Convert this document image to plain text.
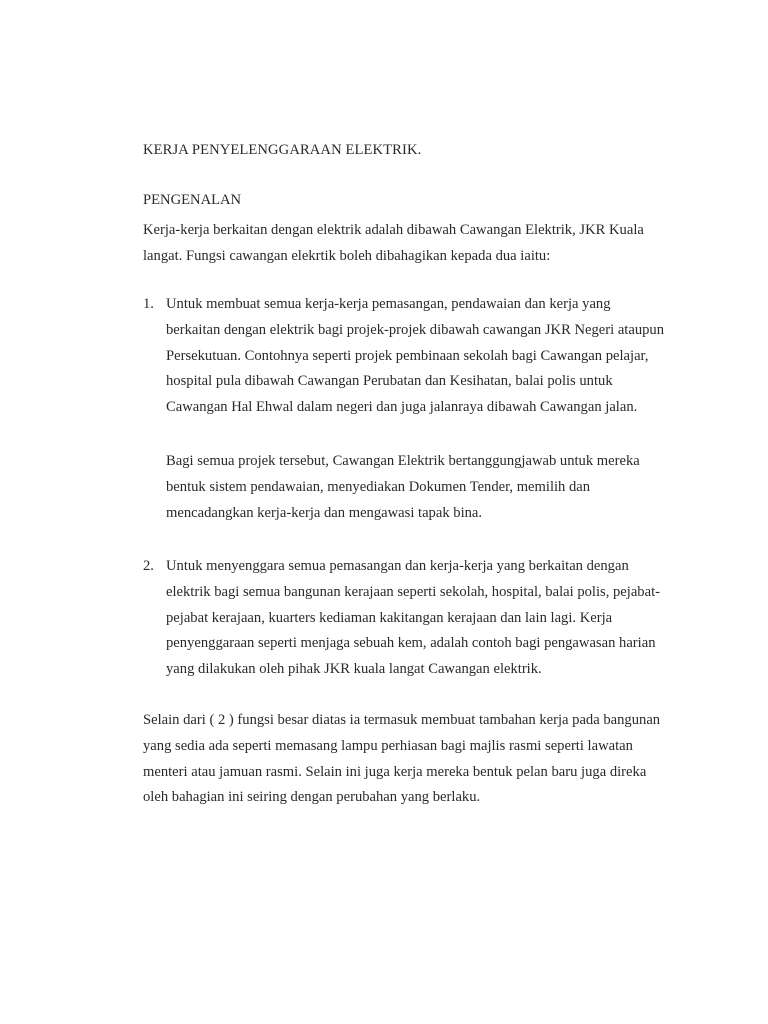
KERJA PENYELENGGARAAN ELEKTRIK.
PENGENALAN

Kerja-kerja berkaitan dengan elektrik adalah dibawah Cawangan Elektrik, JKR Kuala
langat. Fungsi cawangan elekrtik boleh dibahagikan kepada dua iaitu:

1. Untuk membuat semua kerja-kerja pemasangan, pendawaian dan kerja yang
berkaitan dengan elektrik bagi projek-projek dibawah cawangan JKR Negeri ataupun
Persekutuan. Contohnya seperti projek pembinaan sekolah bagi Cawangan pelajar,
hospital pula dibawah Cawangan Perubatan dan Kesihatan, balai polis untuk
Cawangan Hal Ehwal dalam negeri dan juga jalanraya dibawah Cawangan jalan.

Bagi semua projek tersebut, Cawangan Elektrik bertanggungjawab untuk mereka
bentuk sistem pendawaian, menyediakan Dokumen Tender, memilih dan
mencadangkan kerja-kerja dan mengawasi tapak bina.

2. Untuk menyenggara semua pemasangan dan kerja-kerja yang berkaitan dengan
elektrik bagi semua bangunan kerajaan seperti sekolah, hospital, balai polis, pejabat-
pejabat kerajaan, kuarters kediaman kakitangan kerajaan dan lain lagi. Kerja
penyenggaraan seperti menjaga sebuah kem, adalah contoh bagi pengawasan harian
yang dilakukan oleh pihak JKR kuala langat Cawangan elektrik.

Selain dari ( 2 ) fungsi besar diatas ia termasuk membuat tambahan kerja pada bangunan
yang sedia ada seperti memasang lampu perhiasan bagi majlis rasmi seperti lawatan
menteri atau jamuan rasmi. Selain ini juga kerja mereka bentuk pelan baru juga direka
oleh bahagian ini seiring dengan perubahan yang berlaku.
